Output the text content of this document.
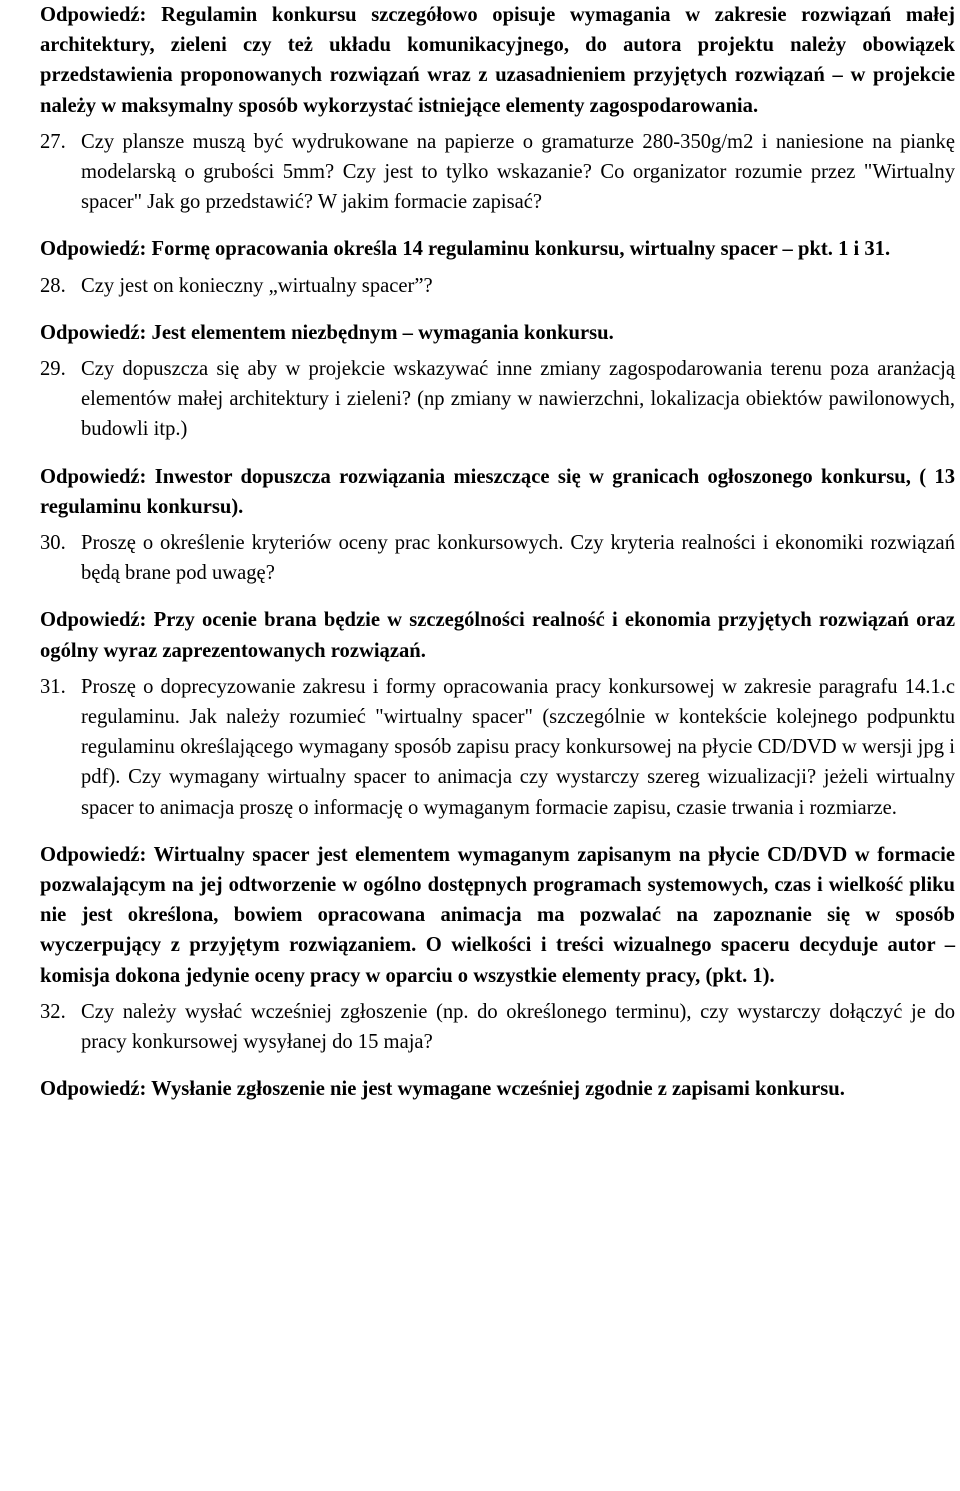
Odpowiedź: Regulamin konkursu szczegółowo opisuje wymagania w zakresie rozwiązań małej architektury, zieleni czy też układu komunikacyjnego, do autora projektu należy obowiązek przedstawienia proponowanych rozwiązań wraz z uzasadnieniem przyjętych rozwiązań – w projekcie należy w maksymalny sposób wykorzystać istniejące elementy zagospodarowania.

27. Czy plansze muszą być wydrukowane na papierze o gramaturze 280-350g/m2 i naniesione na piankę modelarską o grubości 5mm? Czy jest to tylko wskazanie? Co organizator rozumie przez "Wirtualny spacer" Jak go przedstawić? W jakim formacie zapisać?

Odpowiedź: Formę opracowania określa 14 regulaminu konkursu, wirtualny spacer – pkt. 1 i 31.

28. Czy jest on konieczny „wirtualny spacer”?

Odpowiedź: Jest elementem niezbędnym – wymagania konkursu.

29. Czy dopuszcza się aby w projekcie wskazywać inne zmiany zagospodarowania terenu poza aranżacją elementów małej architektury i zieleni? (np zmiany w nawierzchni, lokalizacja obiektów pawilonowych, budowli itp.)

Odpowiedź: Inwestor dopuszcza rozwiązania mieszczące się w granicach ogłoszonego konkursu, ( 13 regulaminu konkursu).

30. Proszę o określenie kryteriów oceny prac konkursowych. Czy kryteria realności i ekonomiki rozwiązań będą brane pod uwagę?

Odpowiedź: Przy ocenie brana będzie w szczególności realność i ekonomia przyjętych rozwiązań oraz ogólny wyraz zaprezentowanych rozwiązań.

31. Proszę o doprecyzowanie zakresu i formy opracowania pracy konkursowej w zakresie paragrafu 14.1.c regulaminu. Jak należy rozumieć "wirtualny spacer" (szczególnie w kontekście kolejnego podpunktu regulaminu określającego wymagany sposób zapisu pracy konkursowej na płycie CD/DVD w wersji jpg i pdf). Czy wymagany wirtualny spacer to animacja czy wystarczy szereg wizualizacji? jeżeli wirtualny spacer to animacja proszę o informację o wymaganym formacie zapisu, czasie trwania i rozmiarze.

Odpowiedź: Wirtualny spacer jest elementem wymaganym zapisanym na płycie CD/DVD w formacie pozwalającym na jej odtworzenie w ogólno dostępnych programach systemowych, czas i wielkość pliku nie jest określona, bowiem opracowana animacja ma pozwalać na zapoznanie się w sposób wyczerpujący z przyjętym rozwiązaniem. O wielkości i treści wizualnego spaceru decyduje autor – komisja dokona jedynie oceny pracy w oparciu o wszystkie elementy pracy, (pkt. 1).

32. Czy należy wysłać wcześniej zgłoszenie (np. do określonego terminu), czy wystarczy dołączyć je do pracy konkursowej wysyłanej do 15 maja?

Odpowiedź: Wysłanie zgłoszenie nie jest wymagane wcześniej zgodnie z zapisami konkursu.
